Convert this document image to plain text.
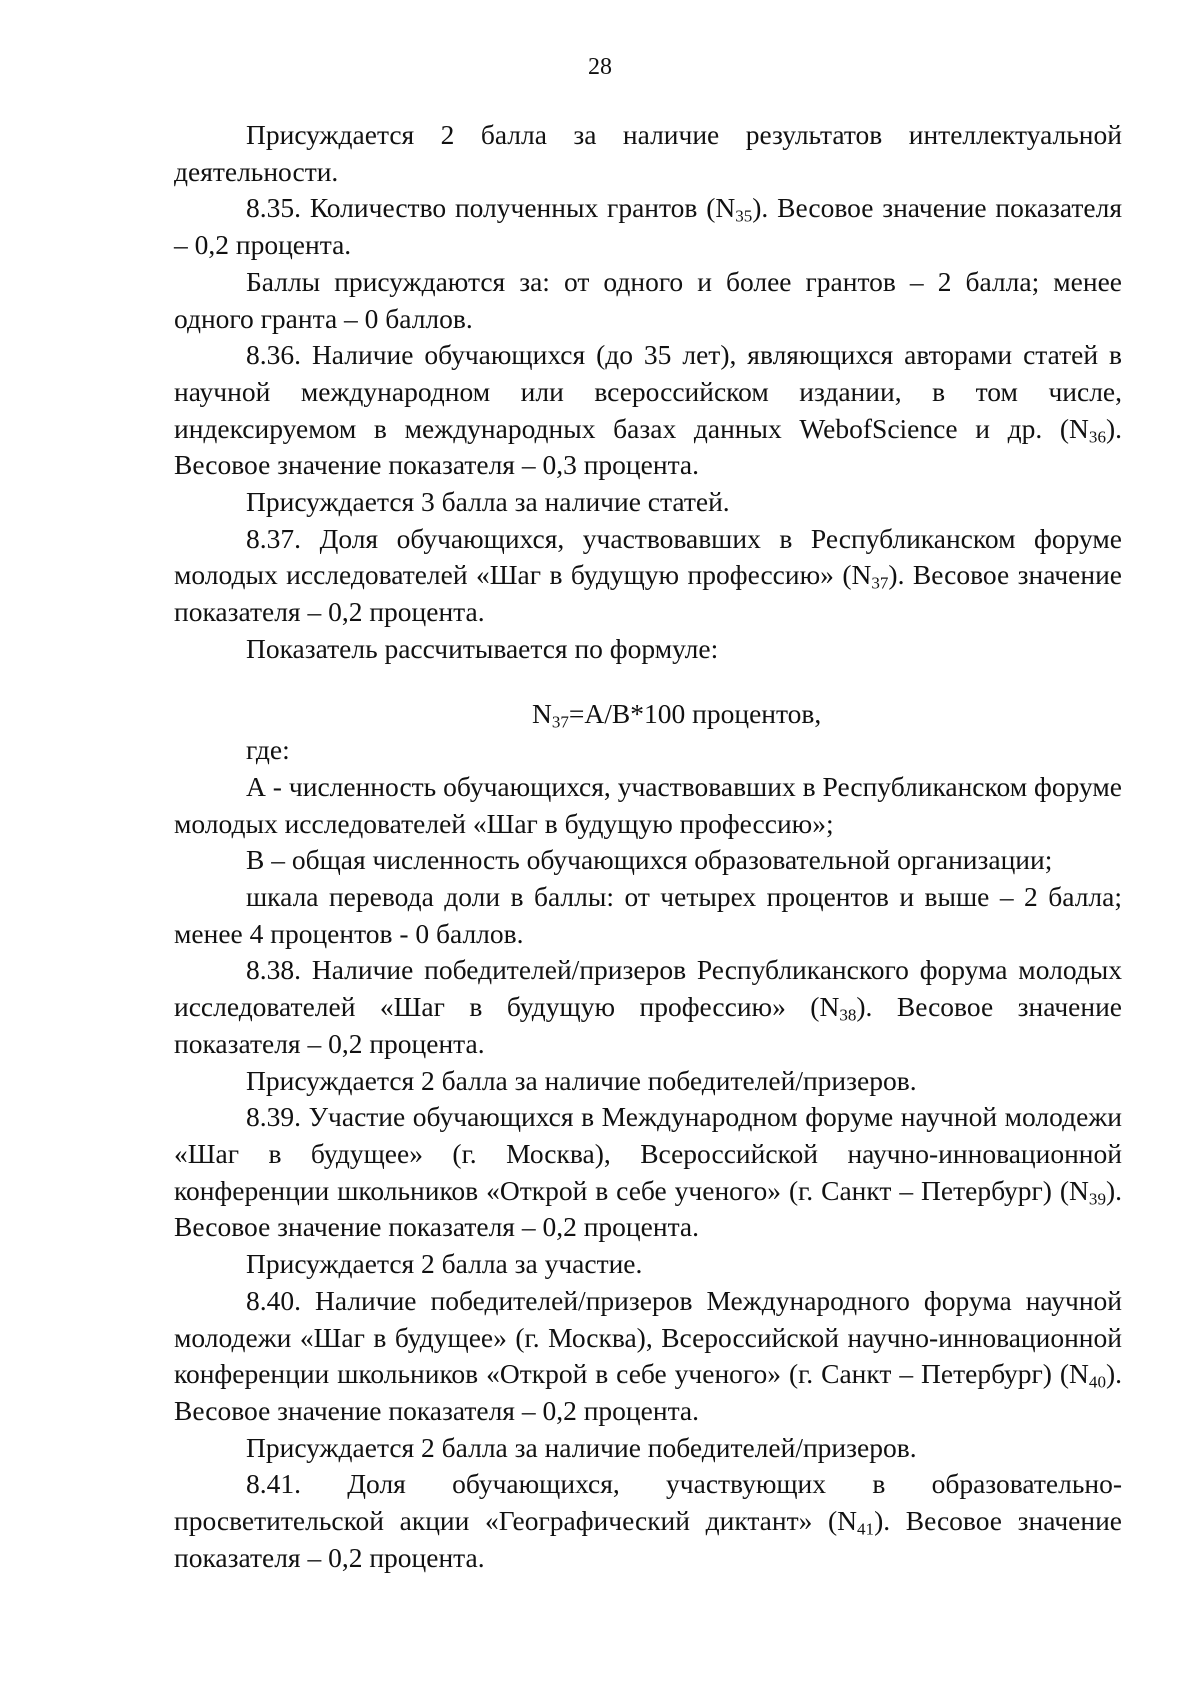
28

Присуждается 2 балла за наличие результатов интеллектуальной деятельности.

8.35. Количество полученных грантов $(N_{35})$. Весовое значение показателя – 0,2 процента.

Баллы присуждаются за: от одного и более грантов – 2 балла; менее одного гранта – 0 баллов.

8.36. Наличие обучающихся (до 35 лет), являющихся авторами статей в научной международном или всероссийском издании, в том числе, индексируемом в международных базах данных WebofScience и др. $(N_{36})$. Весовое значение показателя – 0,3 процента.

Присуждается 3 балла за наличие статей.

8.37. Доля обучающихся, участвовавших в Республиканском форуме молодых исследователей «Шаг в будущую профессию» $(N_{37})$. Весовое значение показателя – 0,2 процента.

Показатель рассчитывается по формуле:

$N_{37}=A/B*100$ процентов,

где:

А - численность обучающихся, участвовавших в Республиканском форуме молодых исследователей «Шаг в будущую профессию»;

В – общая численность обучающихся образовательной организации;

шкала перевода доли в баллы: от четырех процентов и выше – 2 балла; менее 4 процентов - 0 баллов.

8.38. Наличие победителей/призеров Республиканского форума молодых исследователей «Шаг в будущую профессию» $(N_{38})$. Весовое значение показателя – 0,2 процента.

Присуждается 2 балла за наличие победителей/призеров.

8.39. Участие обучающихся в Международном форуме научной молодежи «Шаг в будущее» (г. Москва), Всероссийской научно-инновационной конференции школьников «Открой в себе ученого» (г. Санкт – Петербург) $(N_{39})$. Весовое значение показателя – 0,2 процента.

Присуждается 2 балла за участие.

8.40. Наличие победителей/призеров Международного форума научной молодежи «Шаг в будущее» (г. Москва), Всероссийской научно-инновационной конференции школьников «Открой в себе ученого» (г. Санкт – Петербург) $(N_{40})$. Весовое значение показателя – 0,2 процента.

Присуждается 2 балла за наличие победителей/призеров.

8.41. Доля обучающихся, участвующих в образовательно-просветительской акции «Географический диктант» $(N_{41})$. Весовое значение показателя – 0,2 процента.
